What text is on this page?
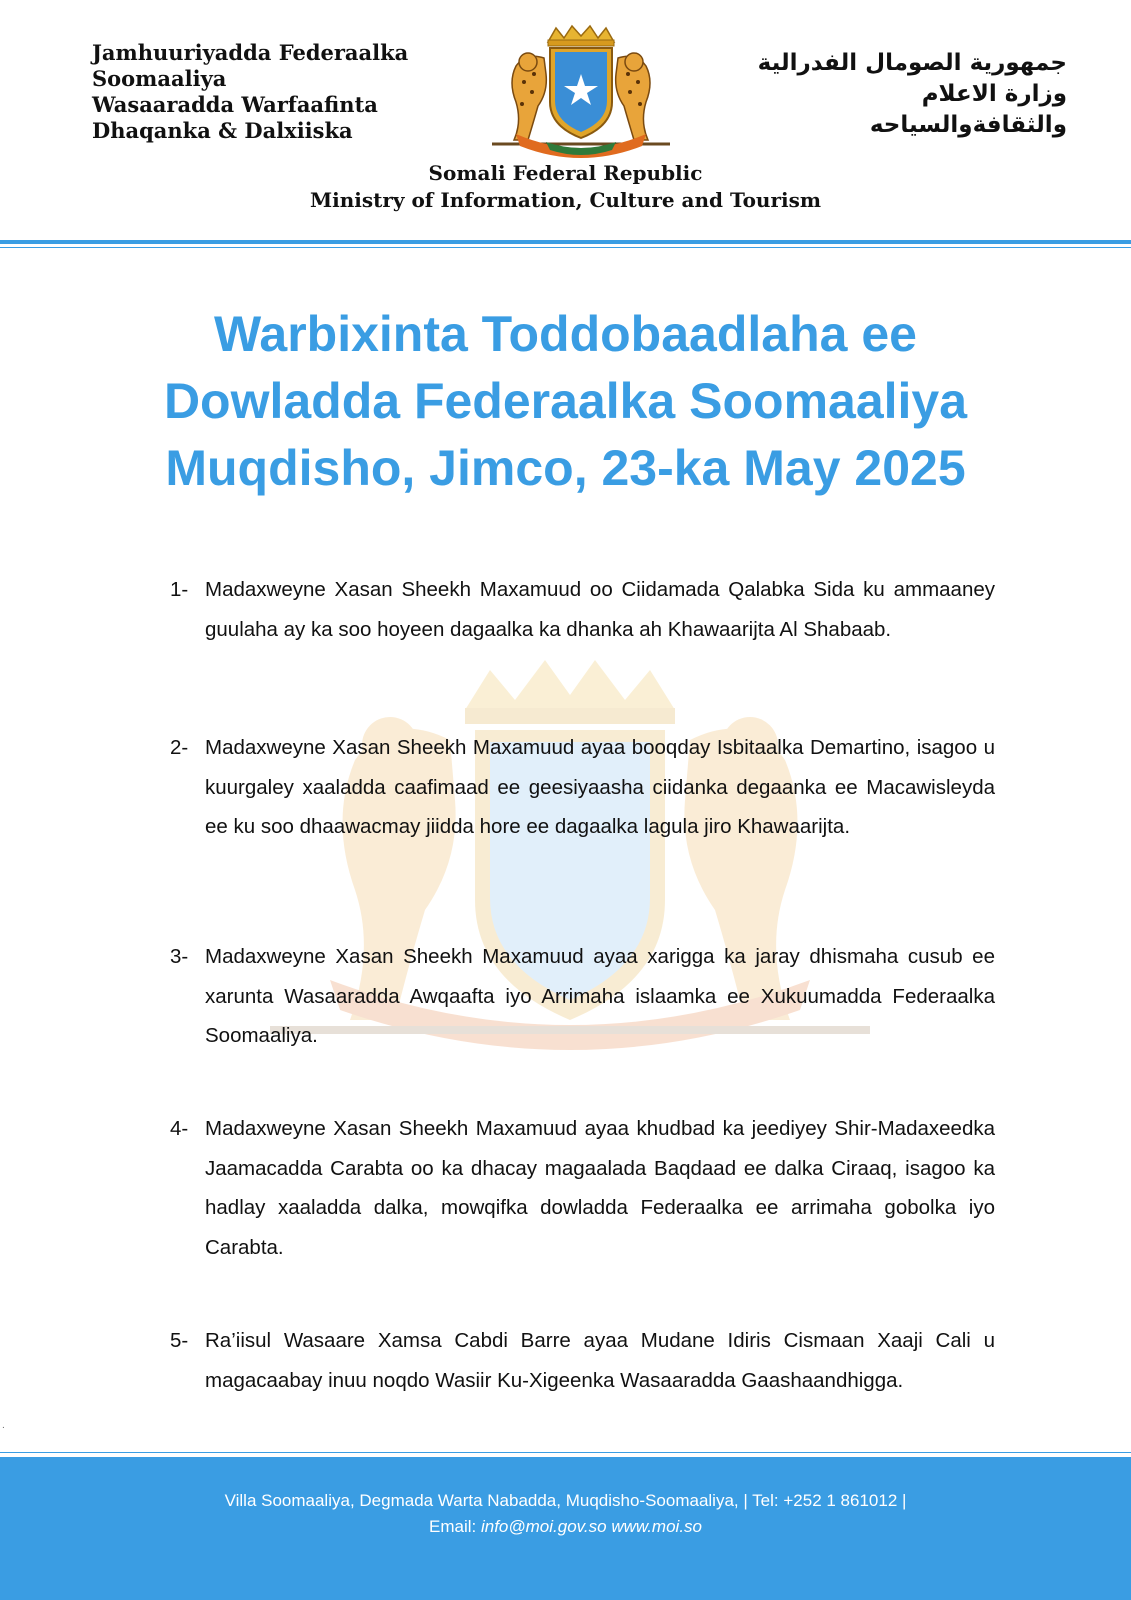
Jamhuuriyadda Federaalka
Soomaaliya
Wasaaradda Warfaafinta
Dhaqanka & Dalxiiska
جمهورية الصومال الفدرالية
وزارة الاعلام
والثقافةوالسياحه
Somali Federal Republic
Ministry of Information, Culture and Tourism
Warbixinta Toddobaadlaha ee
Dowladda Federaalka Soomaaliya
Muqdisho, Jimco, 23-ka May 2025
1- Madaxweyne Xasan Sheekh Maxamuud oo Ciidamada Qalabka Sida ku ammaaney guulaha ay ka soo hoyeen dagaalka ka dhanka ah Khawaarijta Al Shabaab.
2- Madaxweyne Xasan Sheekh Maxamuud ayaa booqday Isbitaalka Demartino, isagoo u kuurgaley xaaladda caafimaad ee geesiyaasha ciidanka degaanka ee Macawisleyda ee ku soo dhaawacmay jiidda hore ee dagaalka lagula jiro Khawaarijta.
3- Madaxweyne Xasan Sheekh Maxamuud ayaa xarigga ka jaray dhismaha cusub ee xarunta Wasaaradda Awqaafta iyo Arrimaha islaamka ee Xukuumadda Federaalka Soomaaliya.
4- Madaxweyne Xasan Sheekh Maxamuud ayaa khudbad ka jeediyey Shir-Madaxeedka Jaamacadda Carabta oo ka dhacay magaalada Baqdaad ee dalka Ciraaq, isagoo ka hadlay xaaladda dalka, mowqifka dowladda Federaalka ee arrimaha gobolka iyo Carabta.
5- Ra’iisul Wasaare Xamsa Cabdi Barre ayaa Mudane Idiris Cismaan Xaaji Cali u magacaabay inuu noqdo Wasiir Ku-Xigeenka Wasaaradda Gaashaandhigga.
.
Villa Soomaaliya, Degmada Warta Nabadda, Muqdisho-Soomaaliya, | Tel: +252 1 861012 |
Email: info@moi.gov.so www.moi.so
